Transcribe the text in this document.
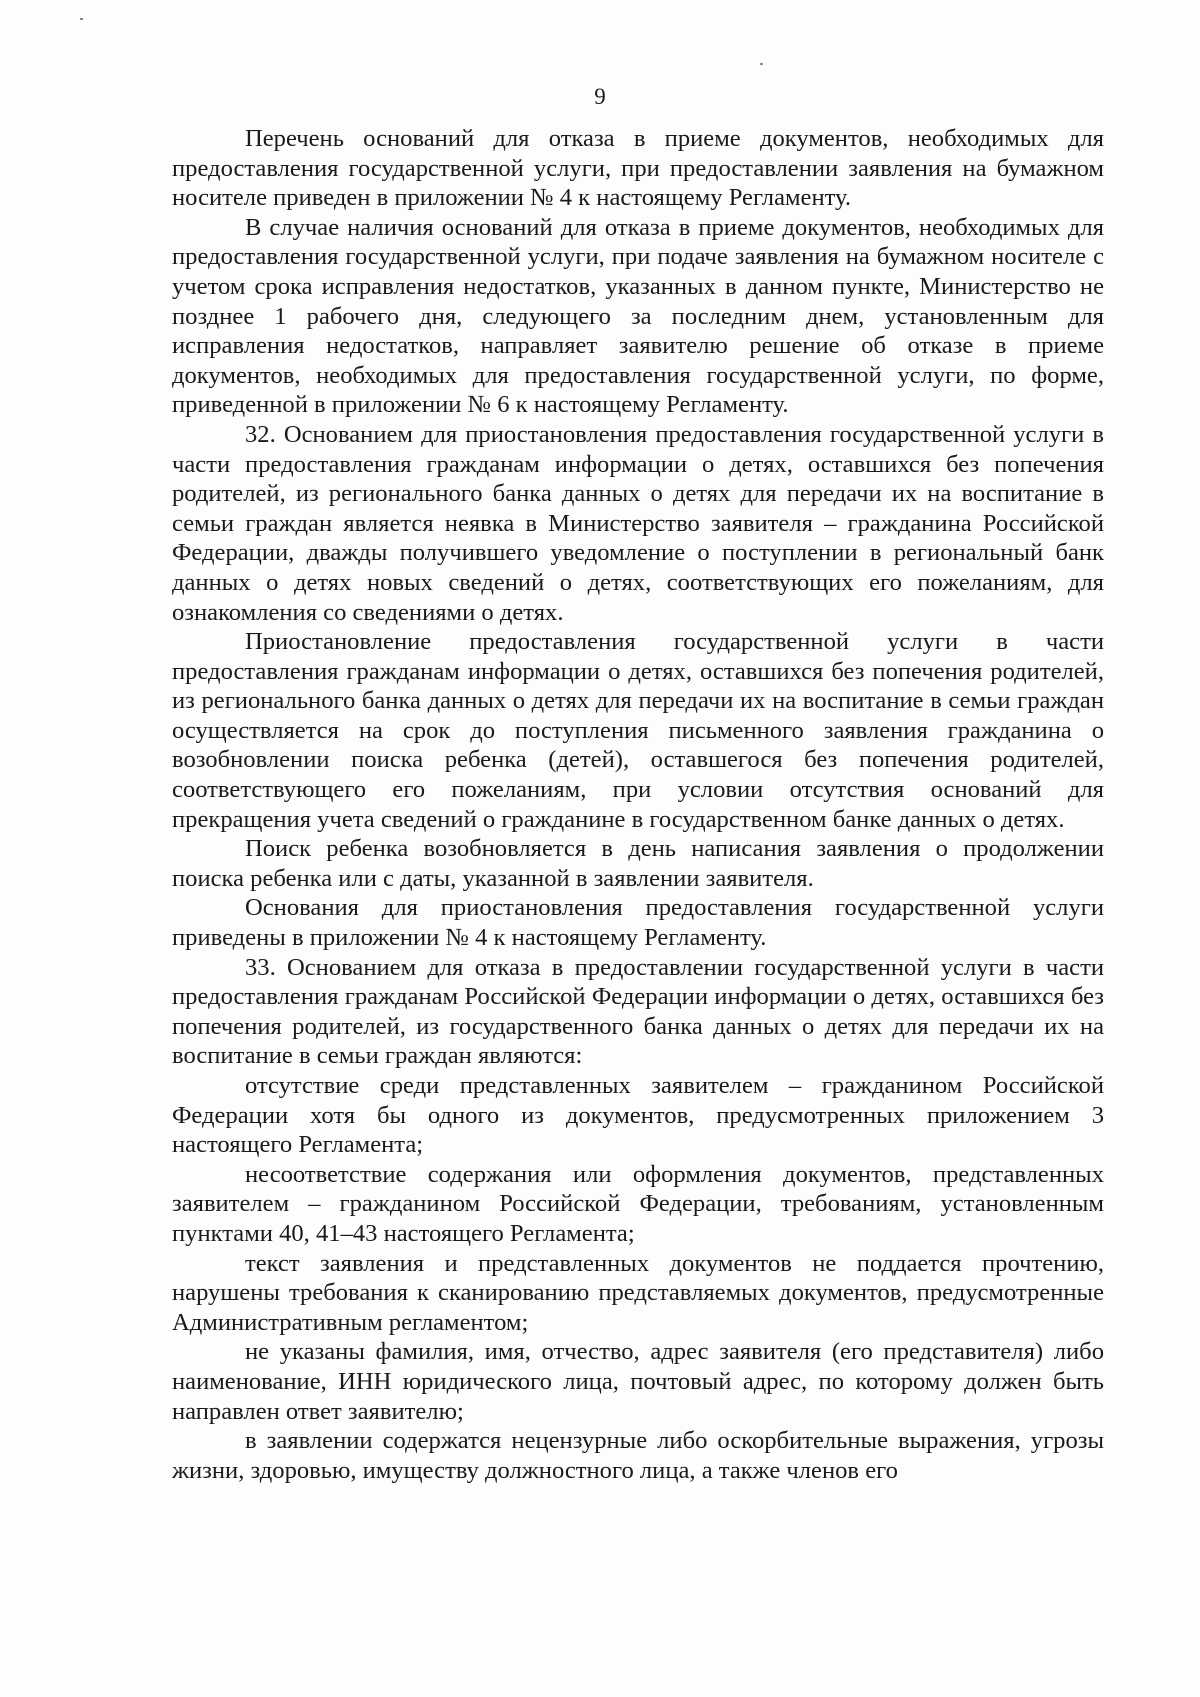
9

Перечень оснований для отказа в приеме документов, необходимых для предоставления государственной услуги, при предоставлении заявления на бумажном носителе приведен в приложении № 4 к настоящему Регламенту.

В случае наличия оснований для отказа в приеме документов, необходимых для предоставления государственной услуги, при подаче заявления на бумажном носителе с учетом срока исправления недостатков, указанных в данном пункте, Министерство не позднее 1 рабочего дня, следующего за последним днем, установленным для исправления недостатков, направляет заявителю решение об отказе в приеме документов, необходимых для предоставления государственной услуги, по форме, приведенной в приложении № 6 к настоящему Регламенту.

32. Основанием для приостановления предоставления государственной услуги в части предоставления гражданам информации о детях, оставшихся без попечения родителей, из регионального банка данных о детях для передачи их на воспитание в семьи граждан является неявка в Министерство заявителя – гражданина Российской Федерации, дважды получившего уведомление о поступлении в региональный банк данных о детях новых сведений о детях, соответствующих его пожеланиям, для ознакомления со сведениями о детях.

Приостановление предоставления государственной услуги в части предоставления гражданам информации о детях, оставшихся без попечения родителей, из регионального банка данных о детях для передачи их на воспитание в семьи граждан осуществляется на срок до поступления письменного заявления гражданина о возобновлении поиска ребенка (детей), оставшегося без попечения родителей, соответствующего его пожеланиям, при условии отсутствия оснований для прекращения учета сведений о гражданине в государственном банке данных о детях.

Поиск ребенка возобновляется в день написания заявления о продолжении поиска ребенка или с даты, указанной в заявлении заявителя.

Основания для приостановления предоставления государственной услуги приведены в приложении № 4 к настоящему Регламенту.

33. Основанием для отказа в предоставлении государственной услуги в части предоставления гражданам Российской Федерации информации о детях, оставшихся без попечения родителей, из государственного банка данных о детях для передачи их на воспитание в семьи граждан являются:

отсутствие среди представленных заявителем – гражданином Российской Федерации хотя бы одного из документов, предусмотренных приложением 3 настоящего Регламента;

несоответствие содержания или оформления документов, представленных заявителем – гражданином Российской Федерации, требованиям, установленным пунктами 40, 41–43 настоящего Регламента;

текст заявления и представленных документов не поддается прочтению, нарушены требования к сканированию представляемых документов, предусмотренные Административным регламентом;

не указаны фамилия, имя, отчество, адрес заявителя (его представителя) либо наименование, ИНН юридического лица, почтовый адрес, по которому должен быть направлен ответ заявителю;

в заявлении содержатся нецензурные либо оскорбительные выражения, угрозы жизни, здоровью, имуществу должностного лица, а также членов его
